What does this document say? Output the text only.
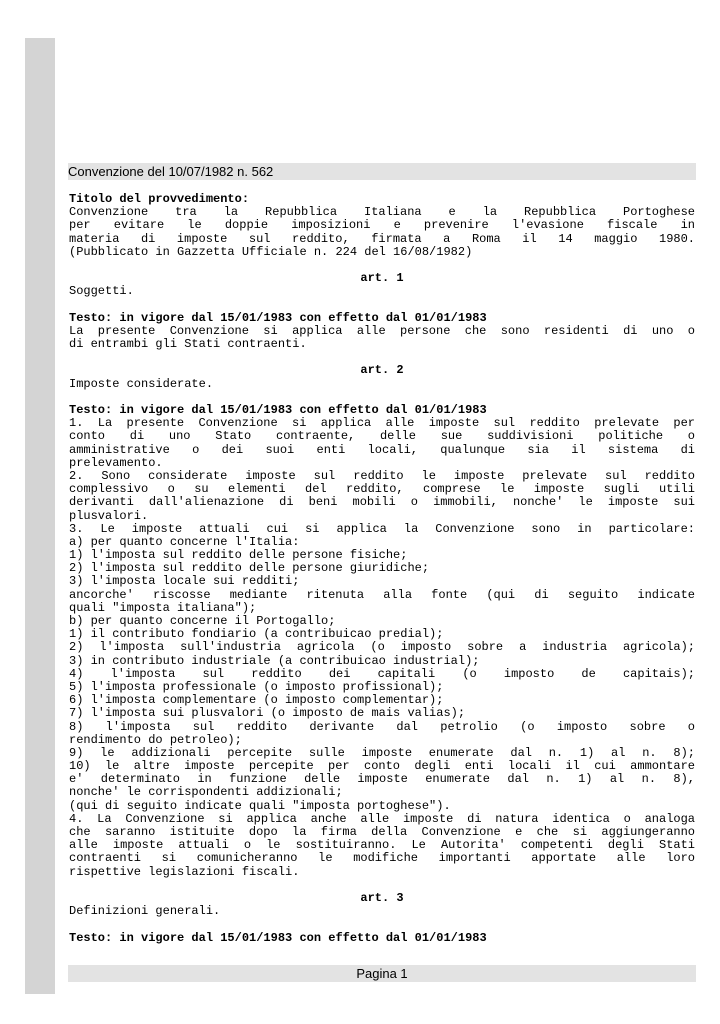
Servizio di documentazione tributaria
Convenzione del 10/07/1982 n. 562
Titolo del provvedimento:
Convenzione tra la Repubblica Italiana e la Repubblica Portoghese
per evitare le doppie imposizioni e prevenire l'evasione fiscale in
materia di imposte sul reddito, firmata a Roma il 14 maggio 1980.
(Pubblicato in Gazzetta Ufficiale n. 224 del 16/08/1982)
art. 1
Soggetti.
Testo: in vigore dal 15/01/1983 con effetto dal 01/01/1983
La presente Convenzione si applica alle persone che sono residenti di uno o
di entrambi gli Stati contraenti.
art. 2
Imposte considerate.
Testo: in vigore dal 15/01/1983 con effetto dal 01/01/1983
1. La presente Convenzione si applica alle imposte sul reddito prelevate per
conto di uno Stato contraente, delle sue suddivisioni politiche o
amministrative o dei suoi enti locali, qualunque sia il sistema di
prelevamento.
2. Sono considerate imposte sul reddito le imposte prelevate sul reddito
complessivo o su elementi del reddito, comprese le imposte sugli utili
derivanti dall'alienazione di beni mobili o immobili, nonche' le imposte sui
plusvalori.
3. Le imposte attuali cui si applica la Convenzione sono in particolare:
a) per quanto concerne l'Italia:
1) l'imposta sul reddito delle persone fisiche;
2) l'imposta sul reddito delle persone giuridiche;
3) l'imposta locale sui redditi;
ancorche' riscosse mediante ritenuta alla fonte (qui di seguito indicate
quali "imposta italiana");
b) per quanto concerne il Portogallo;
1) il contributo fondiario (a contribuicao predial);
2) l'imposta sull'industria agricola (o imposto sobre a industria agricola);
3) in contributo industriale (a contribuicao industrial);
4) l'imposta sul reddito dei capitali (o imposto de capitais);
5) l'imposta professionale (o imposto profissional);
6) l'imposta complementare (o imposto complementar);
7) l'imposta sui plusvalori (o imposto de mais valias);
8) l'imposta sul reddito derivante dal petrolio (o imposto sobre o
rendimento do petroleo);
9) le addizionali percepite sulle imposte enumerate dal n. 1) al n. 8);
10) le altre imposte percepite per conto degli enti locali il cui ammontare
e' determinato in funzione delle imposte enumerate dal n. 1) al n. 8),
nonche' le corrispondenti addizionali;
(qui di seguito indicate quali "imposta portoghese").
4. La Convenzione si applica anche alle imposte di natura identica o analoga
che saranno istituite dopo la firma della Convenzione e che si aggiungeranno
alle imposte attuali o le sostituiranno. Le Autorita' competenti degli Stati
contraenti si comunicheranno le modifiche importanti apportate alle loro
rispettive legislazioni fiscali.
art. 3
Definizioni generali.
Testo: in vigore dal 15/01/1983 con effetto dal 01/01/1983
Pagina 1
